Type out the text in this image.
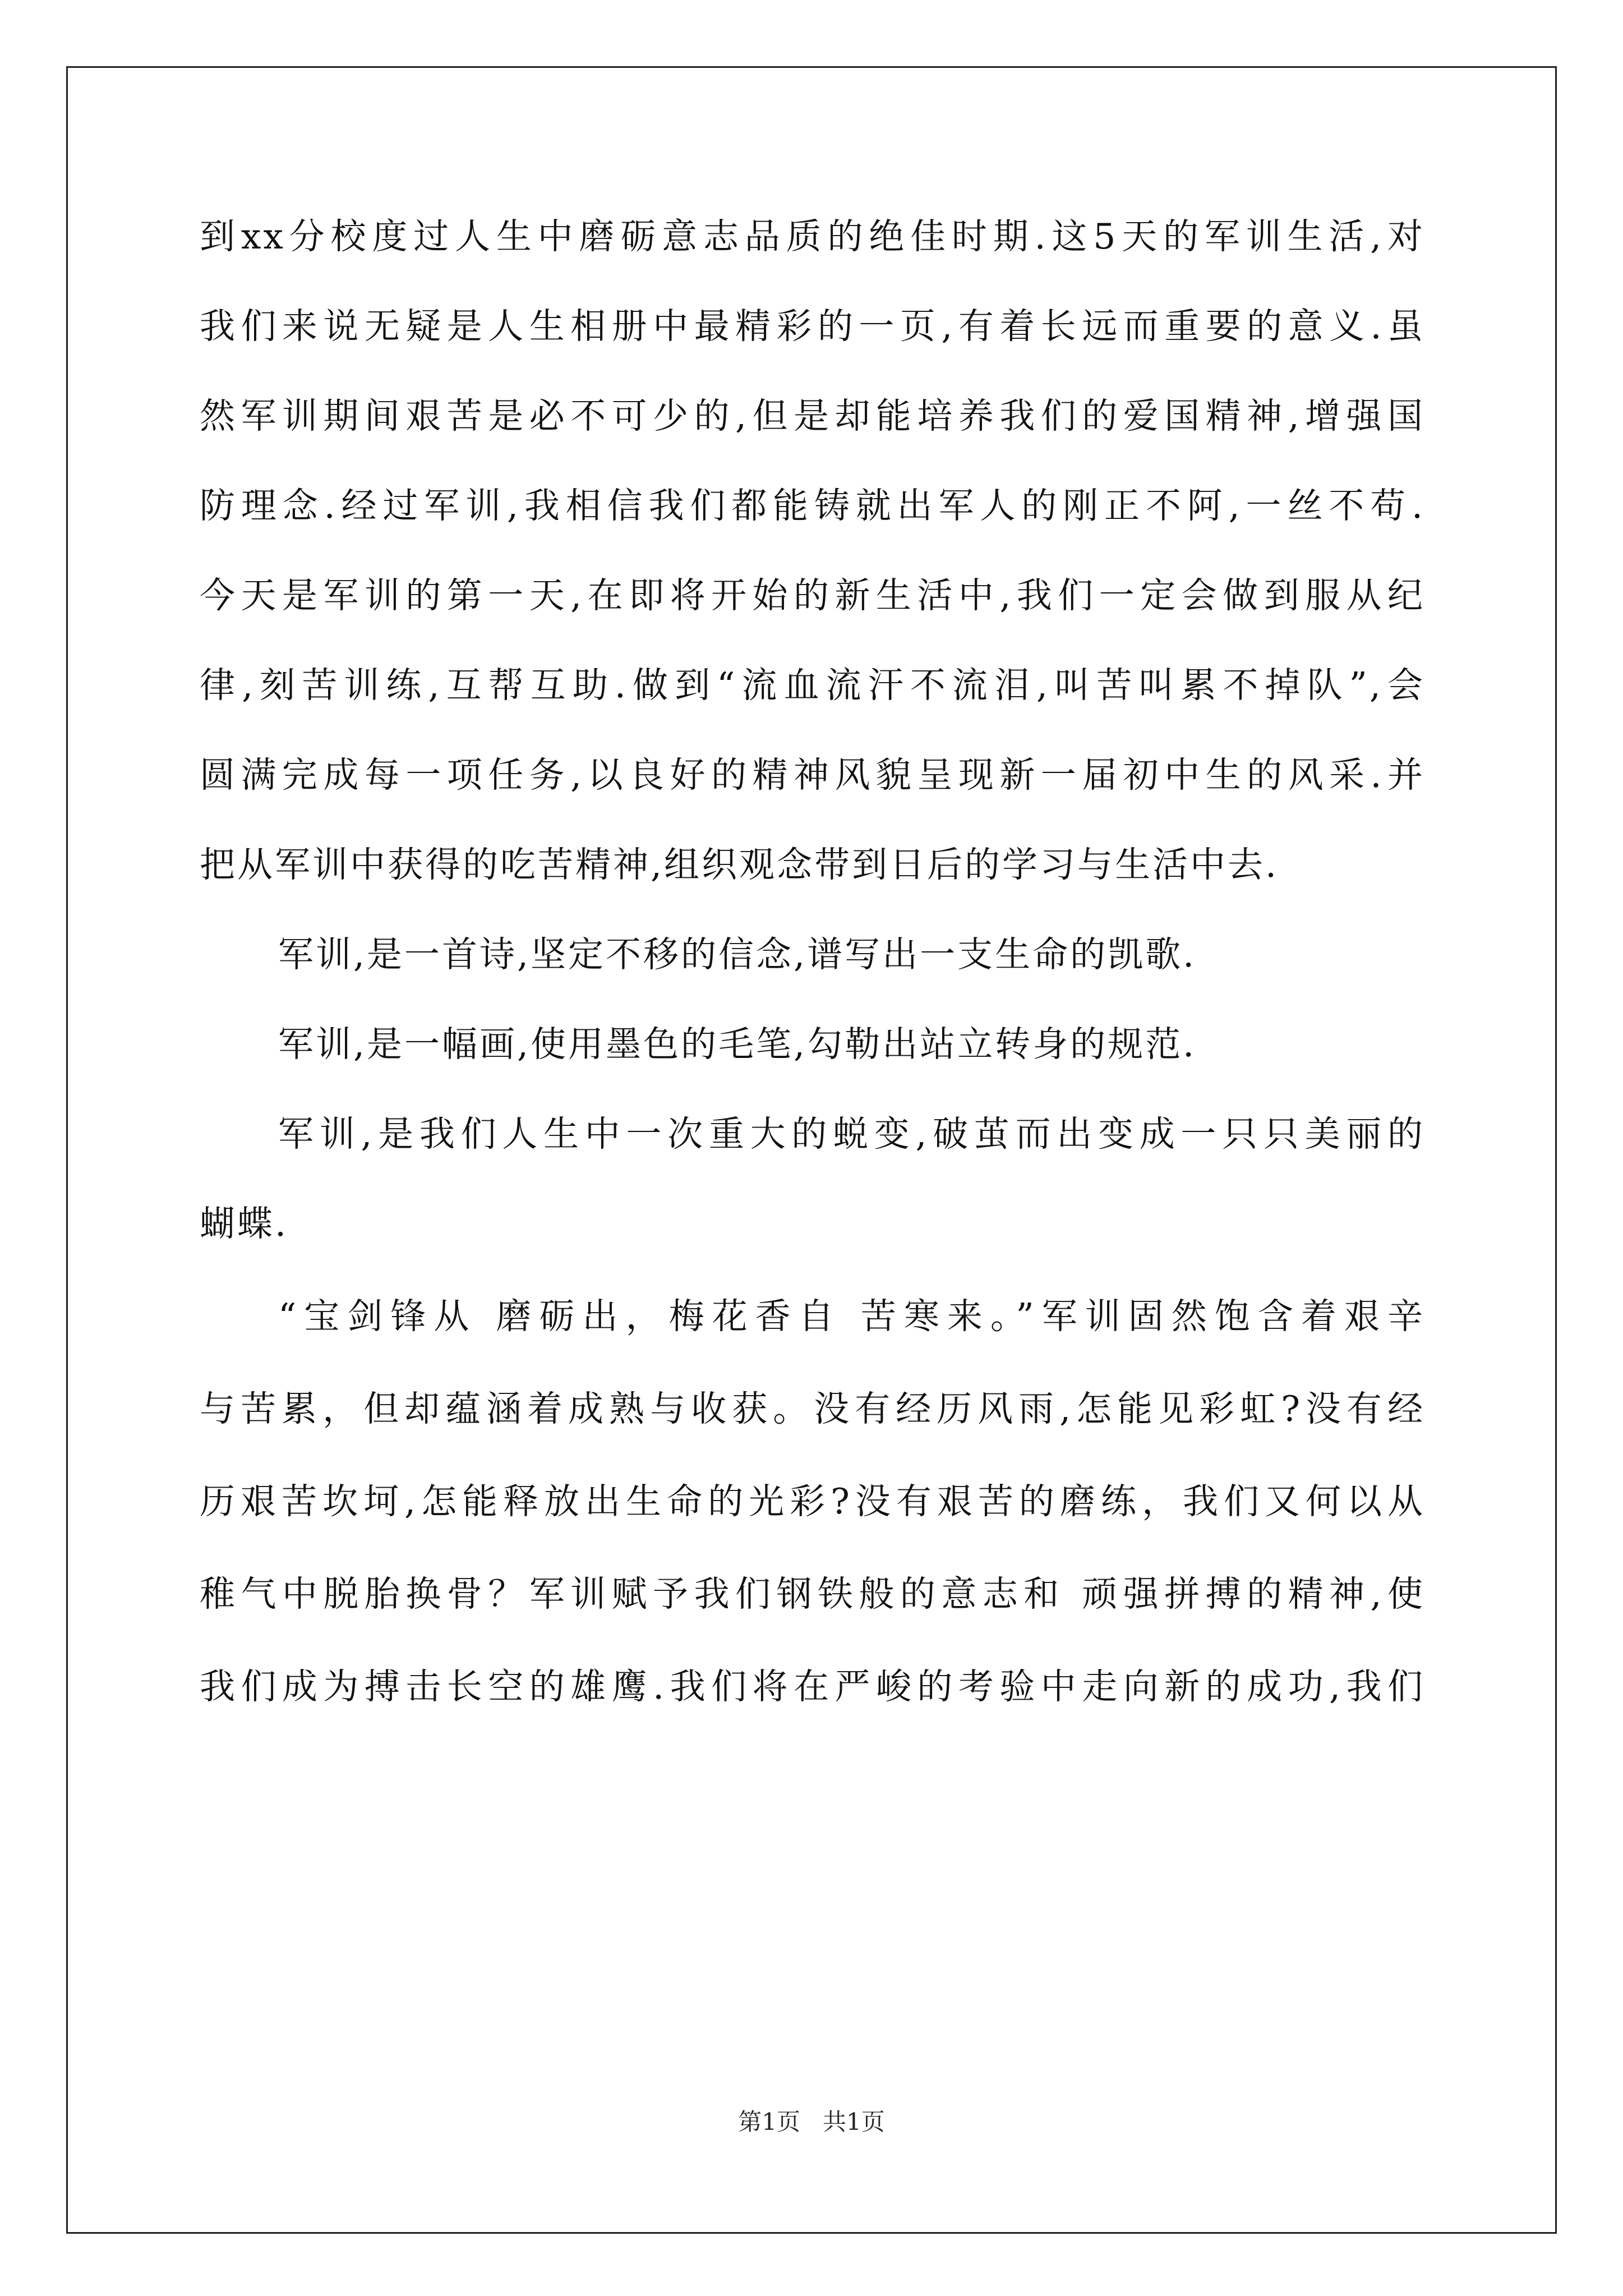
到xx分校度过人生中磨砺意志品质的绝佳时期.这5天的军训生活,对
我们来说无疑是人生相册中最精彩的一页,有着长远而重要的意义.虽
然军训期间艰苦是必不可少的,但是却能培养我们的爱国精神,增强国
防理念.经过军训,我相信我们都能铸就出军人的刚正不阿,一丝不苟.
今天是军训的第一天,在即将开始的新生活中,我们一定会做到服从纪
律,刻苦训练,互帮互助.做到“流血流汗不流泪,叫苦叫累不掉队”,会
圆满完成每一项任务,以良好的精神风貌呈现新一届初中生的风采.并
把从军训中获得的吃苦精神,组织观念带到日后的学习与生活中去.
军训,是一首诗,坚定不移的信念,谱写出一支生命的凯歌.
军训,是一幅画,使用墨色的毛笔,勾勒出站立转身的规范.
军训,是我们人生中一次重大的蜕变,破茧而出变成一只只美丽的
蝴蝶.
“宝剑锋从 磨砺出，梅花香自 苦寒来。”军训固然饱含着艰辛
与苦累，但却蕴涵着成熟与收获。没有经历风雨,怎能见彩虹?没有经
历艰苦坎坷,怎能释放出生命的光彩?没有艰苦的磨练，我们又何以从
稚气中脱胎换骨？军训赋予我们钢铁般的意志和 顽强拼搏的精神,使
我们成为搏击长空的雄鹰.我们将在严峻的考验中走向新的成功,我们
第1页   共1页
